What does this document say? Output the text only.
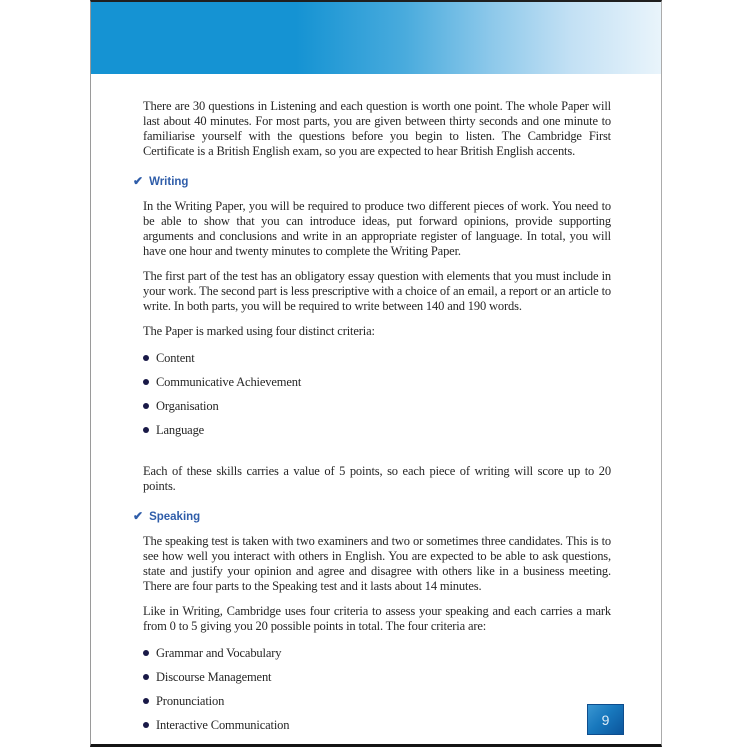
There are 30 questions in Listening and each question is worth one point. The whole Paper will last about 40 minutes. For most parts, you are given between thirty seconds and one minute to familiarise yourself with the questions before you begin to listen. The Cambridge First Certificate is a British English exam, so you are expected to hear British English accents.

✔ Writing

In the Writing Paper, you will be required to produce two different pieces of work. You need to be able to show that you can introduce ideas, put forward opinions, provide supporting arguments and conclusions and write in an appropriate register of language. In total, you will have one hour and twenty minutes to complete the Writing Paper.

The first part of the test has an obligatory essay question with elements that you must include in your work. The second part is less prescriptive with a choice of an email, a report or an article to write. In both parts, you will be required to write between 140 and 190 words.

The Paper is marked using four distinct criteria:

Content
Communicative Achievement
Organisation
Language

Each of these skills carries a value of 5 points, so each piece of writing will score up to 20 points.

✔ Speaking

The speaking test is taken with two examiners and two or sometimes three candidates. This is to see how well you interact with others in English. You are expected to be able to ask questions, state and justify your opinion and agree and disagree with others like in a business meeting. There are four parts to the Speaking test and it lasts about 14 minutes.

Like in Writing, Cambridge uses four criteria to assess your speaking and each carries a mark from 0 to 5 giving you 20 possible points in total. The four criteria are:

Grammar and Vocabulary
Discourse Management
Pronunciation
Interactive Communication	9
